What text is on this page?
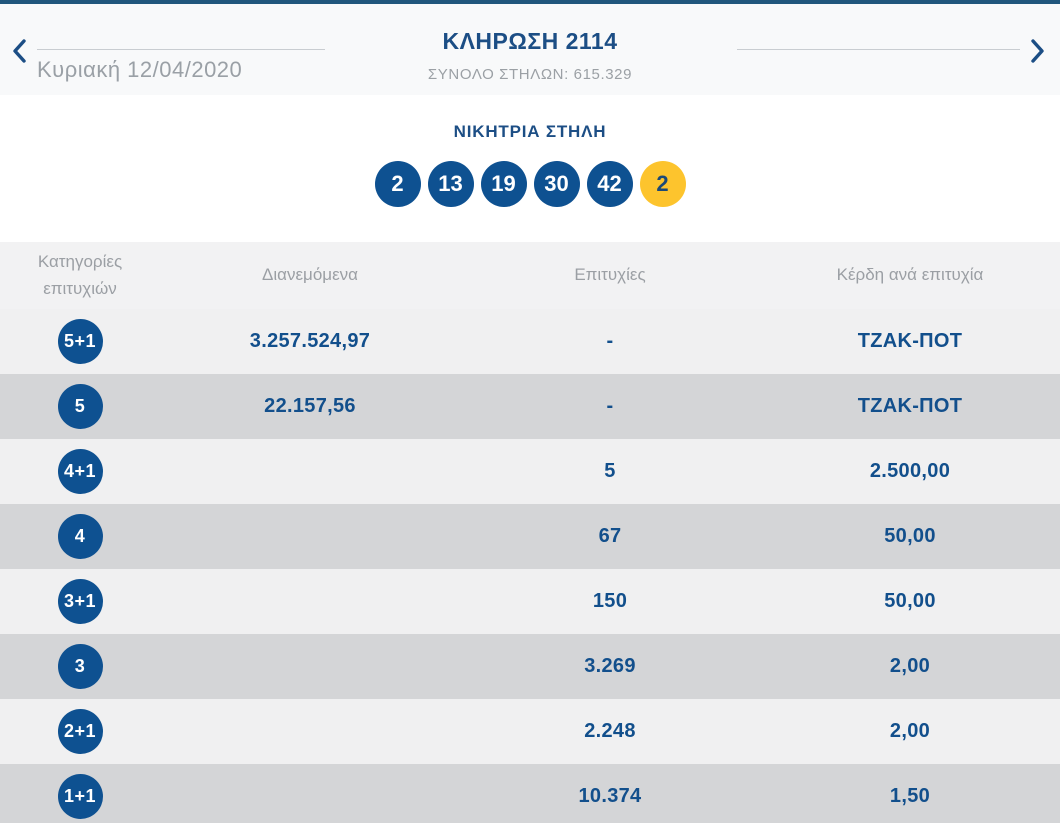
Κυριακή 12/04/2020
ΚΛΗΡΩΣΗ 2114
ΣΥΝΟΛΟ ΣΤΗΛΩΝ: 615.329
ΝΙΚΗΤΡΙΑ ΣΤΗΛΗ
2	13	19	30	42	2
Κατηγορίες επιτυχιών	Διανεμόμενα	Επιτυχίες	Κέρδη ανά επιτυχία
5+1	3.257.524,97	-	ΤΖΑΚ-ΠΟΤ
5	22.157,56	-	ΤΖΑΚ-ΠΟΤ
4+1		5	2.500,00
4		67	50,00
3+1		150	50,00
3		3.269	2,00
2+1		2.248	2,00
1+1		10.374	1,50
